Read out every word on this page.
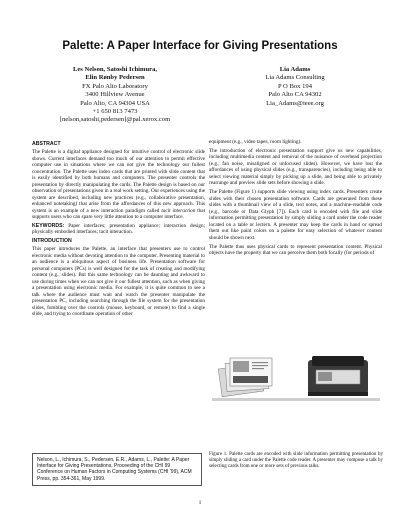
Palette: A Paper Interface for Giving Presentations
Les Nelson, Satoshi Ichimura,
Elin Rønby Pedersen
FX Palo Alto Laboratory
3400 Hillview Avenue
Palo Alto, CA 94304 USA
+1 650 813 7473
[nelson,satoshi,pedersen]@pal.xerox.com
Lia Adams
Lia Adams Consulting
P O Box 194
Palo Alto CA 94302
Lia_Adams@ieee.org
ABSTRACT

The Palette is a digital appliance designed for intuitive control of electronic slide shows. Current interfaces demand too much of our attention to permit effective computer use in situations where we can not give the technology our fullest concentration. The Palette uses index cards that are printed with slide content that is easily identified by both humans and computers. The presenter controls the presentation by directly manipulating the cards. The Palette design is based on our observation of presentations given in a real work setting. Our experiences using the system are described, including new practices (e.g., collaborative presentation, enhanced notetaking) that arise from the affordances of this new approach. This system is an example of a new interaction paradigm called tacit interaction that supports users who can spare very little attention to a computer interface.

KEYWORDS: Paper interfaces; presentation appliance; interaction design; physically embodied interfaces; tacit interaction.

INTRODUCTION

This paper introduces the Palette, an interface that presenters use to control electronic media without devoting attention to the computer. Presenting material to an audience is a ubiquitous aspect of business life. Presentation software for personal computers (PCs) is well designed for the task of creating and modifying content (e.g., slides). But this same technology can be daunting and awkward to use during times when we can not give it our fullest attention, such as when giving a presentation using electronic media. For example, it is quite common to see a talk where the audience must wait and watch the presenter manipulate the presentation PC, including searching through the file system for the presentation slides, fumbling over the controls (mouse, keyboard, or remote) to find a single slide, and trying to coordinate operation of other

equipment (e.g., video tapes, room lighting).

The introduction of electronic presentation support give us new capabilities, including multimedia content and removal of the nuisance of overhead projection (e.g., fan noise, misaligned or unfocused slides). However, we have lost the affordances of using physical slides (e.g., transparencies), including being able to select viewing material simply by picking up a slide, and being able to privately rearrange and preview slide sets before showing a slide.

The Palette (Figure 1) supports slide viewing using index cards. Presenters create slides with their chosen presentation software. Cards are generated from these slides with a thumbnail view of a slide, text notes, and a machine-readable code (e.g., barcode or Data Glyph [7]). Each card is encoded with file and slide information permitting presentation by simply sliding a card under the code reader located on a table or lectern. A presenter may keep the cards in hand or spread them out like paint colors on a palette for easy selection of whatever content should be shown next.

The Palette thus uses physical cards to represent presentation content. Physical objects have the property that we can perceive them both focally (for periods of

Nelson, L., Ichimura, S., Pedersen, E.R., Adams, L., Palette: A Paper Interface for Giving Presentations, Proceeding of the CHI 99 Conference on Human Factors in Computing Systems (CHI '99), ACM Press, pp. 354-361, May 1999.
Figure 1. Palette cards are encoded with slide information permitting presentation by simply sliding a card under the Palette code reader. A presenter may compose a talk by selecting cards from one or more sets of previous talks.
1
